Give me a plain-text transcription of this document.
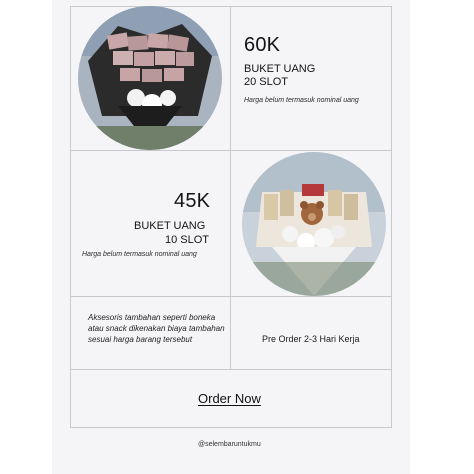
60K
BUKET UANG
20 SLOT
Harga belum termasuk nominal uang
45K
BUKET UANG
10 SLOT
Harga belum termasuk nominal uang
Aksesoris tambahan seperti boneka atau snack dikenakan biaya tambahan sesuai harga barang tersebut	Pre Order 2-3 Hari Kerja
Order Now
@selembaruntukmu
